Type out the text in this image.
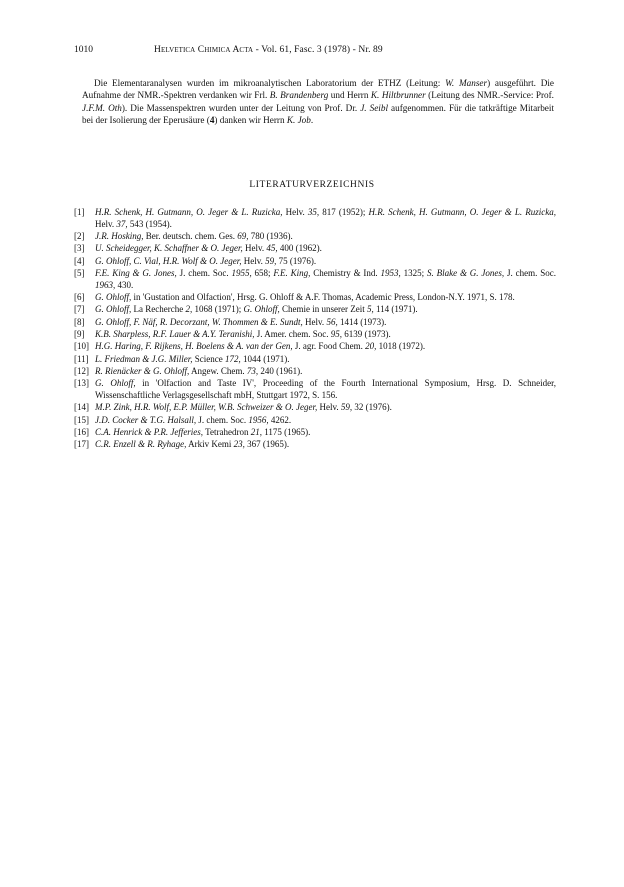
1010	Helvetica Chimica Acta - Vol. 61, Fasc. 3 (1978) - Nr. 89

Die Elementaranalysen wurden im mikroanalytischen Laboratorium der ETHZ (Leitung: W. Manser) ausgeführt. Die Aufnahme der NMR.-Spektren verdanken wir Frl. B. Brandenberg und Herrn K. Hiltbrunner (Leitung des NMR.-Service: Prof. J.F.M. Oth). Die Massenspektren wurden unter der Leitung von Prof. Dr. J. Seibl aufgenommen. Für die tatkräftige Mitarbeit bei der Isolierung der Eperusäure (4) danken wir Herrn K. Job.

LITERATURVERZEICHNIS
[1] H.R. Schenk, H. Gutmann, O. Jeger & L. Ruzicka, Helv. 35, 817 (1952); H.R. Schenk, H. Gutmann, O. Jeger & L. Ruzicka, Helv. 37, 543 (1954).
[2] J.R. Hosking, Ber. deutsch. chem. Ges. 69, 780 (1936).
[3] U. Scheidegger, K. Schaffner & O. Jeger, Helv. 45, 400 (1962).
[4] G. Ohloff, C. Vial, H.R. Wolf & O. Jeger, Helv. 59, 75 (1976).
[5] F.E. King & G. Jones, J. chem. Soc. 1955, 658; F.E. King, Chemistry & Ind. 1953, 1325; S. Blake & G. Jones, J. chem. Soc. 1963, 430.
[6] G. Ohloff, in 'Gustation and Olfaction', Hrsg. G. Ohloff & A.F. Thomas, Academic Press, London-N.Y. 1971, S. 178.
[7] G. Ohloff, La Recherche 2, 1068 (1971); G. Ohloff, Chemie in unserer Zeit 5, 114 (1971).
[8] G. Ohloff, F. Näf, R. Decorzant, W. Thommen & E. Sundt, Helv. 56, 1414 (1973).
[9] K.B. Sharpless, R.F. Lauer & A.Y. Teranishi, J. Amer. chem. Soc. 95, 6139 (1973).
[10] H.G. Haring, F. Rijkens, H. Boelens & A. van der Gen, J. agr. Food Chem. 20, 1018 (1972).
[11] L. Friedman & J.G. Miller, Science 172, 1044 (1971).
[12] R. Rienäcker & G. Ohloff, Angew. Chem. 73, 240 (1961).
[13] G. Ohloff, in 'Olfaction and Taste IV', Proceeding of the Fourth International Symposium, Hrsg. D. Schneider, Wissenschaftliche Verlagsgesellschaft mbH, Stuttgart 1972, S. 156.
[14] M.P. Zink, H.R. Wolf, E.P. Müller, W.B. Schweizer & O. Jeger, Helv. 59, 32 (1976).
[15] J.D. Cocker & T.G. Halsall, J. chem. Soc. 1956, 4262.
[16] C.A. Henrick & P.R. Jefferies, Tetrahedron 21, 1175 (1965).
[17] C.R. Enzell & R. Ryhage, Arkiv Kemi 23, 367 (1965).
